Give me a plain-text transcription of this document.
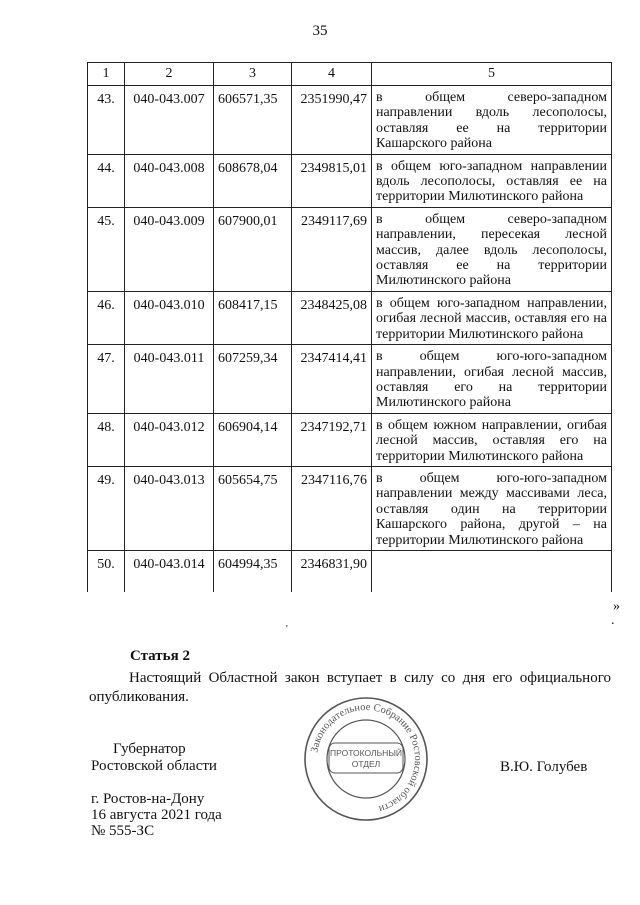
35
1	2	3	4	5
43.	040-043.007	606571,35	2351990,47	в общем северо-западном направлении вдоль лесополосы, оставляя ее на территории Кашарского района
44.	040-043.008	608678,04	2349815,01	в общем юго-западном направлении вдоль лесополосы, оставляя ее на территории Милютинского района
45.	040-043.009	607900,01	2349117,69	в общем северо-западном направлении, пересекая лесной массив, далее вдоль лесополосы, оставляя ее на территории Милютинского района
46.	040-043.010	608417,15	2348425,08	в общем юго-западном направлении, огибая лесной массив, оставляя его на территории Милютинского района
47.	040-043.011	607259,34	2347414,41	в общем юго-юго-западном направлении, огибая лесной массив, оставляя его на территории Милютинского района
48.	040-043.012	606904,14	2347192,71	в общем южном направлении, огибая лесной массив, оставляя его на территории Милютинского района
49.	040-043.013	605654,75	2347116,76	в общем юго-юго-западном направлении между массивами леса, оставляя один на территории Кашарского района, другой – на территории Милютинского района
50.	040-043.014	604994,35	2346831,90	
»
.
'
Статья 2
Настоящий Областной закон вступает в силу со дня его официального опубликования.
Губернатор
Ростовской области	В.Ю. Голубев
г. Ростов-на-Дону
16 августа 2021 года
№ 555-ЗС
Законодательное Собрание Ростовской области
ПРОТОКОЛЬНЫЙ
ОТДЕЛ
